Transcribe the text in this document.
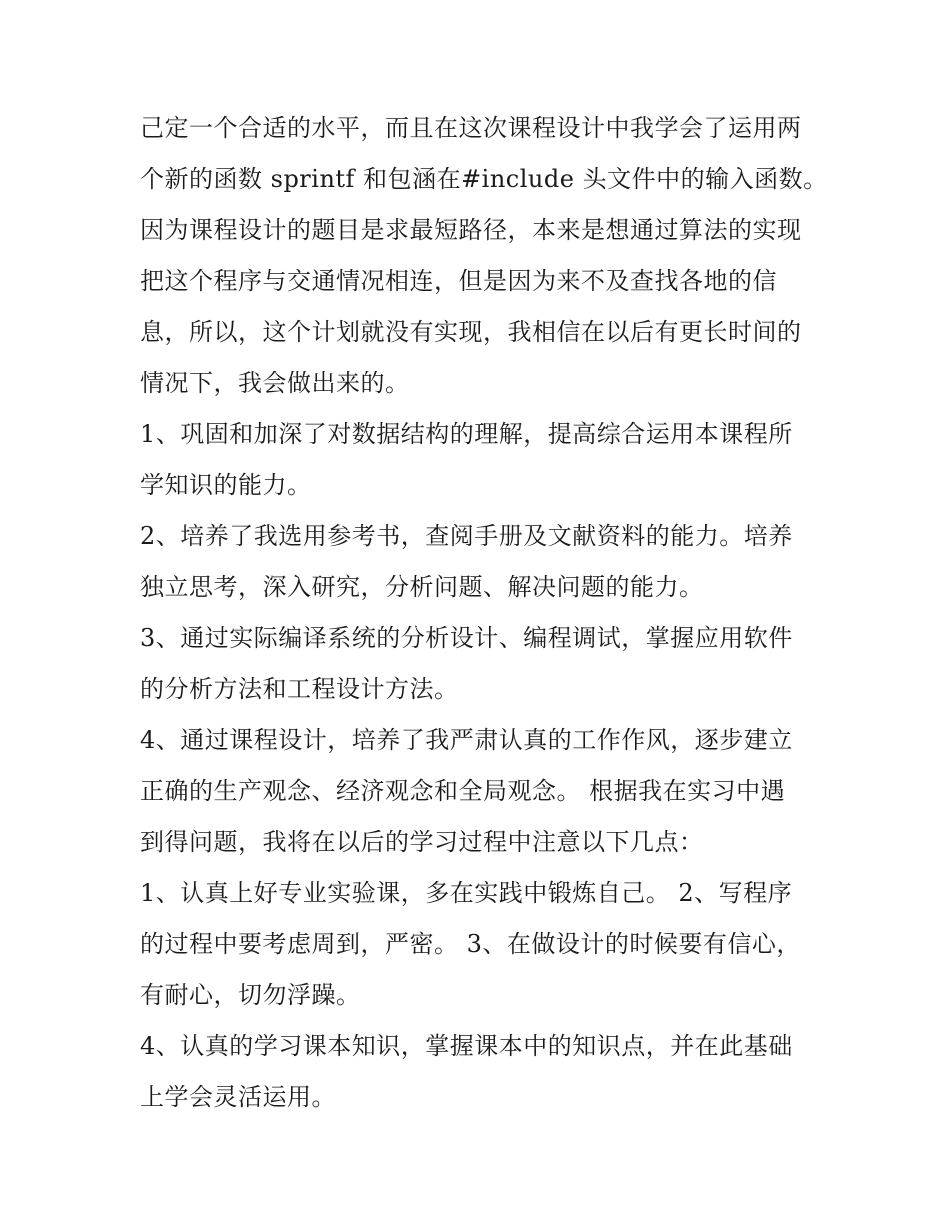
己定一个合适的水平，而且在这次课程设计中我学会了运用两
个新的函数 sprintf 和包涵在#include 头文件中的输入函数。
因为课程设计的题目是求最短路径，本来是想通过算法的实现
把这个程序与交通情况相连，但是因为来不及查找各地的信
息，所以，这个计划就没有实现，我相信在以后有更长时间的
情况下，我会做出来的。
1、巩固和加深了对数据结构的理解，提高综合运用本课程所
学知识的能力。
2、培养了我选用参考书，查阅手册及文献资料的能力。培养
独立思考，深入研究，分析问题、解决问题的能力。
3、通过实际编译系统的分析设计、编程调试，掌握应用软件
的分析方法和工程设计方法。
4、通过课程设计，培养了我严肃认真的工作作风，逐步建立
正确的生产观念、经济观念和全局观念。 根据我在实习中遇
到得问题，我将在以后的学习过程中注意以下几点：
1、认真上好专业实验课，多在实践中锻炼自己。 2、写程序
的过程中要考虑周到，严密。 3、在做设计的时候要有信心，
有耐心，切勿浮躁。
4、认真的学习课本知识，掌握课本中的知识点，并在此基础
上学会灵活运用。
